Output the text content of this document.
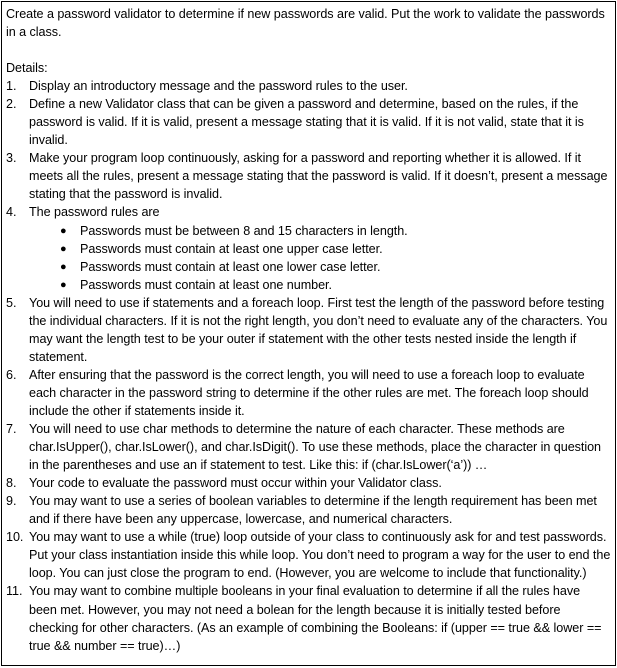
Create a password validator to determine if new passwords are valid. Put the work to validate the passwords in a class.

Details:

1. Display an introductory message and the password rules to the user.
2. Define a new Validator class that can be given a password and determine, based on the rules, if the password is valid. If it is valid, present a message stating that it is valid. If it is not valid, state that it is invalid.
3. Make your program loop continuously, asking for a password and reporting whether it is allowed. If it meets all the rules, present a message stating that the password is valid. If it doesn’t, present a message stating that the password is invalid.
4. The password rules are
● Passwords must be between 8 and 15 characters in length.
● Passwords must contain at least one upper case letter.
● Passwords must contain at least one lower case letter.
● Passwords must contain at least one number.
5. You will need to use if statements and a foreach loop. First test the length of the password before testing the individual characters. If it is not the right length, you don’t need to evaluate any of the characters. You may want the length test to be your outer if statement with the other tests nested inside the length if statement.
6. After ensuring that the password is the correct length, you will need to use a foreach loop to evaluate each character in the password string to determine if the other rules are met. The foreach loop should include the other if statements inside it.
7. You will need to use char methods to determine the nature of each character. These methods are char.IsUpper(), char.IsLower(), and char.IsDigit(). To use these methods, place the character in question in the parentheses and use an if statement to test. Like this: if (char.IsLower(‘a’)) …
8. Your code to evaluate the password must occur within your Validator class.
9. You may want to use a series of boolean variables to determine if the length requirement has been met and if there have been any uppercase, lowercase, and numerical characters.
10. You may want to use a while (true) loop outside of your class to continuously ask for and test passwords. Put your class instantiation inside this while loop. You don’t need to program a way for the user to end the loop. You can just close the program to end. (However, you are welcome to include that functionality.)
11. You may want to combine multiple booleans in your final evaluation to determine if all the rules have been met. However, you may not need a bolean for the length because it is initially tested before checking for other characters. (As an example of combining the Booleans: if (upper == true && lower == true && number == true)…)
